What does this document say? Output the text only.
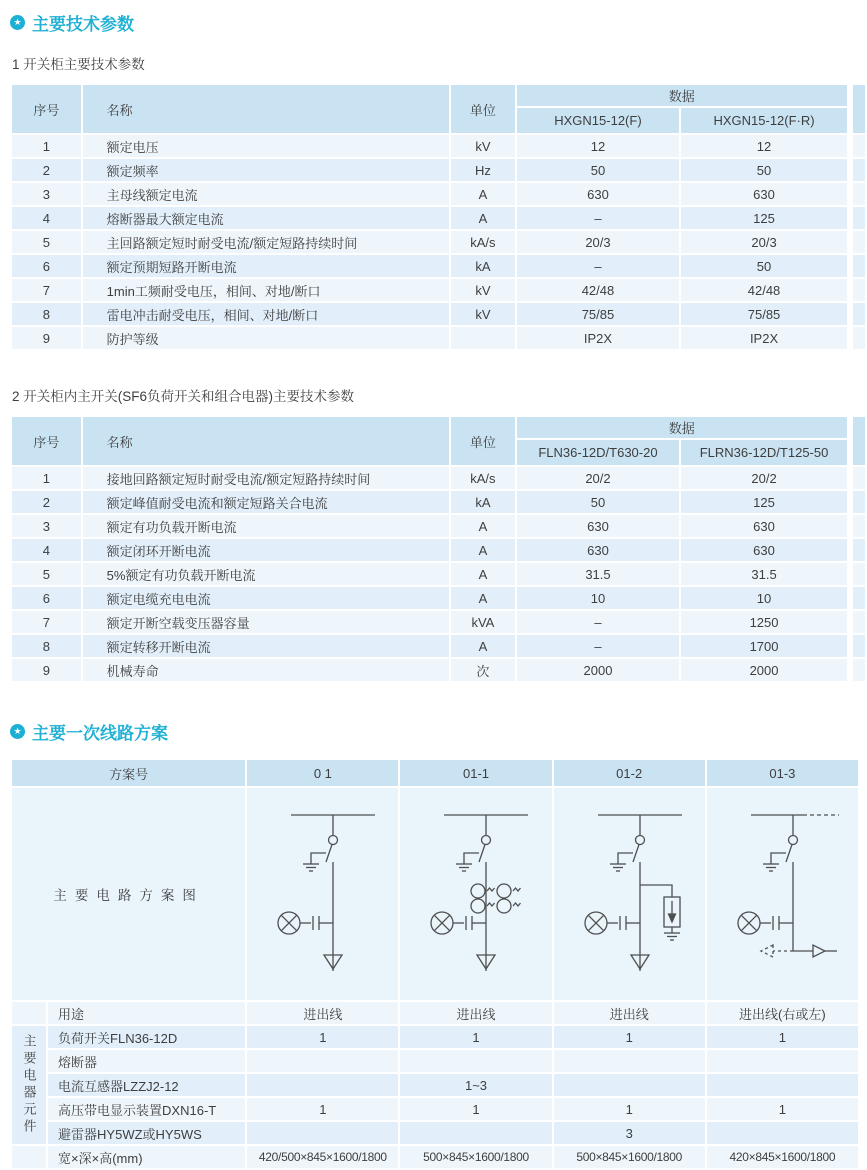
★ 主要技术参数
1 开关柜主要技术参数
序号	名称	单位	数据		
			HXGN15-12(F)	HXGN15-12(F·R)	
1	额定电压	kV	12	12	
2	额定频率	Hz	50	50	
3	主母线额定电流	A	630	630	
4	熔断器最大额定电流	A	–	125	
5	主回路额定短时耐受电流/额定短路持续时间	kA/s	20/3	20/3	
6	额定预期短路开断电流	kA	–	50	
7	1min工频耐受电压，相间、对地/断口	kV	42/48	42/48	
8	雷电冲击耐受电压，相间、对地/断口	kV	75/85	75/85	
9	防护等级		IP2X	IP2X	
2 开关柜内主开关(SF6负荷开关和组合电器)主要技术参数
序号	名称	单位	数据		
			FLN36-12D/T630-20	FLRN36-12D/T125-50	
1	接地回路额定短时耐受电流/额定短路持续时间	kA/s	20/2	20/2	
2	额定峰值耐受电流和额定短路关合电流	kA	50	125	
3	额定有功负载开断电流	A	630	630	
4	额定闭环开断电流	A	630	630	
5	5%额定有功负载开断电流	A	31.5	31.5	
6	额定电缆充电电流	A	10	10	
7	额定开断空载变压器容量	kVA	–	1250	
8	额定转移开断电流	A	–	1700	
9	机械寿命	次	2000	2000	
★ 主要一次线路方案
方案号		0 1	01-1	01-2	01-3
主要电路方案图	

	用途	进出线	进出线	进出线	进出线(右或左)
主要电器元件	负荷开关FLN36-12D	1	1	1	1
	熔断器				
	电流互感器LZZJ2-12		1~3		
	高压带电显示装置DXN16-T	1	1	1	1
	避雷器HY5WZ或HY5WS			3	
	宽×深×高(mm)	420/500×845×1600/1800	500×845×1600/1800	500×845×1600/1800	420×845×1600/1800
